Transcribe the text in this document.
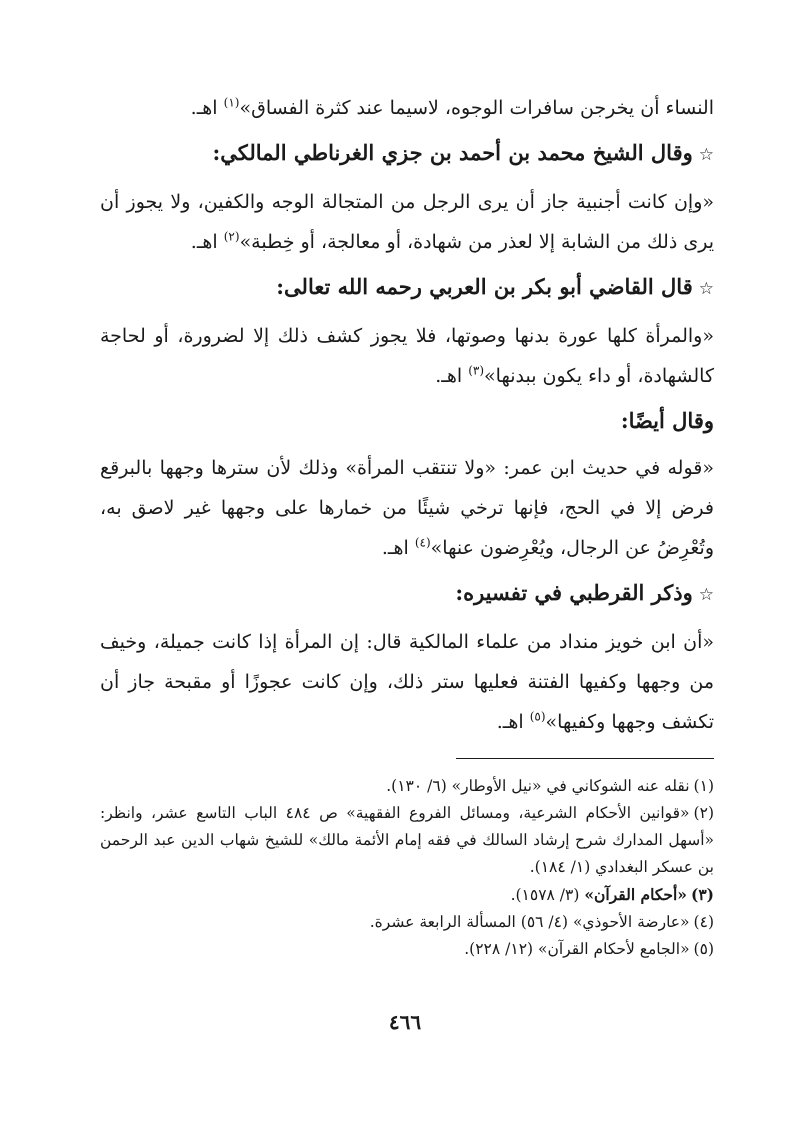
النساء أن يخرجن سافرات الوجوه، لاسيما عند كثرة الفساق»$^{(١)}$ اهـ.

☆وقال الشيخ محمد بن أحمد بن جزي الغرناطي المالكي:

«وإن كانت أجنبية جاز أن يرى الرجل من المتجالة الوجه والكفين، ولا يجوز أن يرى ذلك من الشابة إلا لعذر من شهادة، أو معالجة، أو خِطبة»$^{(٢)}$ اهـ.

☆قال القاضي أبو بكر بن العربي رحمه الله تعالى:

«والمرأة كلها عورة بدنها وصوتها، فلا يجوز كشف ذلك إلا لضرورة، أو لحاجة كالشهادة، أو داء يكون ببدنها»$^{(٣)}$ اهـ.

وقال أيضًا:

«قوله في حديث ابن عمر: «ولا تنتقب المرأة» وذلك لأن سترها وجهها بالبرقع فرض إلا في الحج، فإنها ترخي شيئًا من خمارها على وجهها غير لاصق به، وتُعْرِضُ عن الرجال، ويُعْرِضون عنها»$^{(٤)}$ اهـ.

☆وذكر القرطبي في تفسيره:

«أن ابن خويز منداد من علماء المالكية قال: إن المرأة إذا كانت جميلة، وخيف من وجهها وكفيها الفتنة فعليها ستر ذلك، وإن كانت عجوزًا أو مقبحة جاز أن تكشف وجهها وكفيها»$^{(٥)}$ اهـ.

(١)نقله عنه الشوكاني في «نيل الأوطار» (٦/ ١٣٠).

(٢)«قوانين الأحكام الشرعية، ومسائل الفروع الفقهية» ص ٤٨٤ الباب التاسع عشر، وانظر: «أسهل المدارك شرح إرشاد السالك في فقه إمام الأئمة مالك» للشيخ شهاب الدين عبد الرحمن بن عسكر البغدادي (١/ ١٨٤).

(٣)«أحكام القرآن» (٣/ ١٥٧٨).

(٤)«عارضة الأحوذي» (٤/ ٥٦) المسألة الرابعة عشرة.

(٥)«الجامع لأحكام القرآن» (١٢/ ٢٢٨).

٤٦٦
